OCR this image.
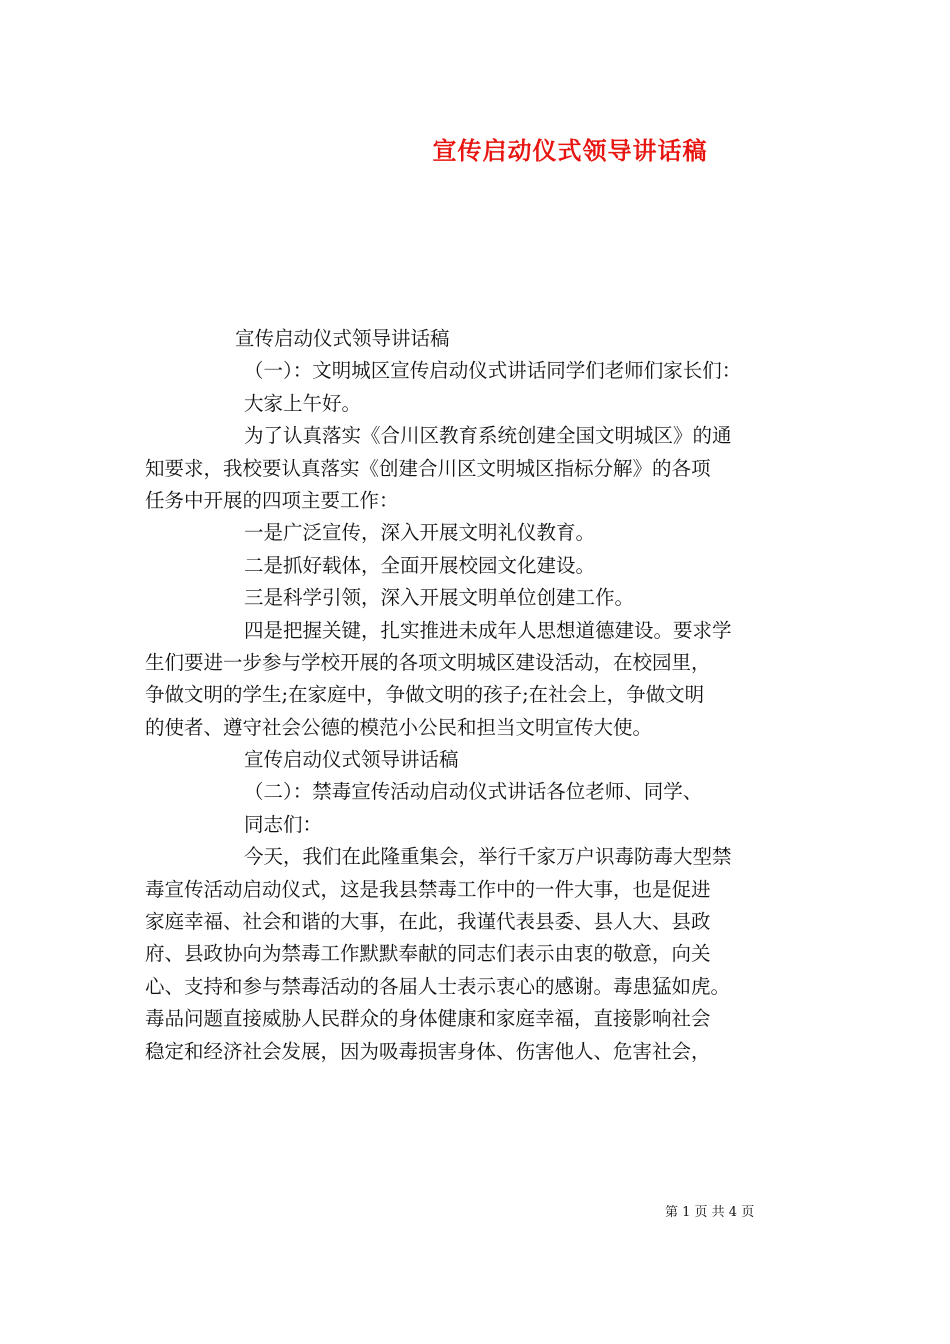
宣传启动仪式领导讲话稿
宣传启动仪式领导讲话稿
（一）：文明城区宣传启动仪式讲话同学们老师们家长们：
大家上午好。
为了认真落实《合川区教育系统创建全国文明城区》的通
知要求，我校要认真落实《创建合川区文明城区指标分解》的各项
任务中开展的四项主要工作：
一是广泛宣传，深入开展文明礼仪教育。
二是抓好载体，全面开展校园文化建设。
三是科学引领，深入开展文明单位创建工作。
四是把握关键，扎实推进未成年人思想道德建设。要求学
生们要进一步参与学校开展的各项文明城区建设活动，在校园里，
争做文明的学生;在家庭中，争做文明的孩子;在社会上，争做文明
的使者、遵守社会公德的模范小公民和担当文明宣传大使。
宣传启动仪式领导讲话稿
（二）：禁毒宣传活动启动仪式讲话各位老师、同学、
同志们：
今天，我们在此隆重集会，举行千家万户识毒防毒大型禁
毒宣传活动启动仪式，这是我县禁毒工作中的一件大事，也是促进
家庭幸福、社会和谐的大事，在此，我谨代表县委、县人大、县政
府、县政协向为禁毒工作默默奉献的同志们表示由衷的敬意，向关
心、支持和参与禁毒活动的各届人士表示衷心的感谢。毒患猛如虎。
毒品问题直接威胁人民群众的身体健康和家庭幸福，直接影响社会
稳定和经济社会发展，因为吸毒损害身体、伤害他人、危害社会，
第 1 页 共 4 页
